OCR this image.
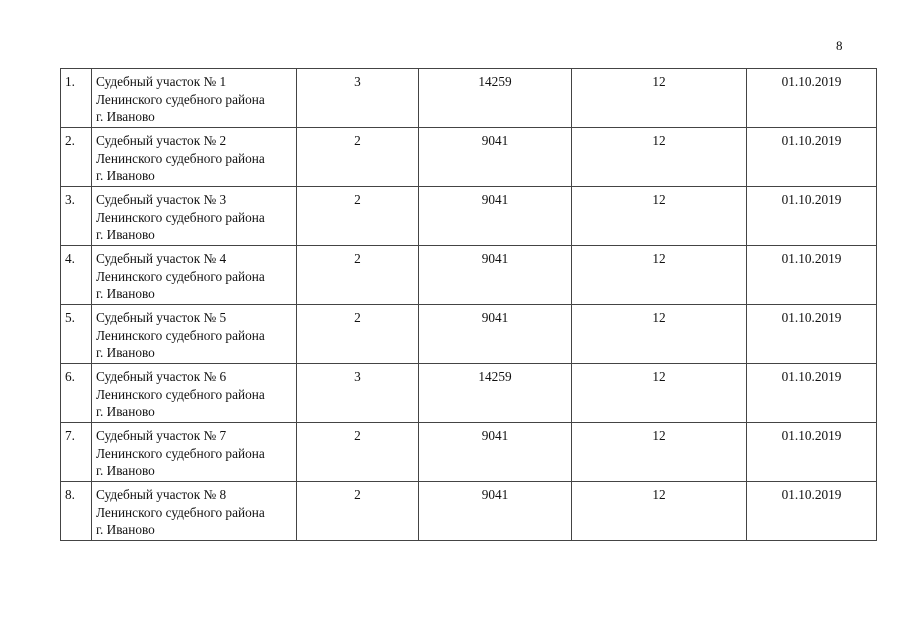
8
1.	Судебный участок № 1
Ленинского судебного района
г. Иваново	3	14259	12	01.10.2019
2.	Судебный участок № 2
Ленинского судебного района
г. Иваново	2	9041	12	01.10.2019
3.	Судебный участок № 3
Ленинского судебного района
г. Иваново	2	9041	12	01.10.2019
4.	Судебный участок № 4
Ленинского судебного района
г. Иваново	2	9041	12	01.10.2019
5.	Судебный участок № 5
Ленинского судебного района
г. Иваново	2	9041	12	01.10.2019
6.	Судебный участок № 6
Ленинского судебного района
г. Иваново	3	14259	12	01.10.2019
7.	Судебный участок № 7
Ленинского судебного района
г. Иваново	2	9041	12	01.10.2019
8.	Судебный участок № 8
Ленинского судебного района
г. Иваново	2	9041	12	01.10.2019
